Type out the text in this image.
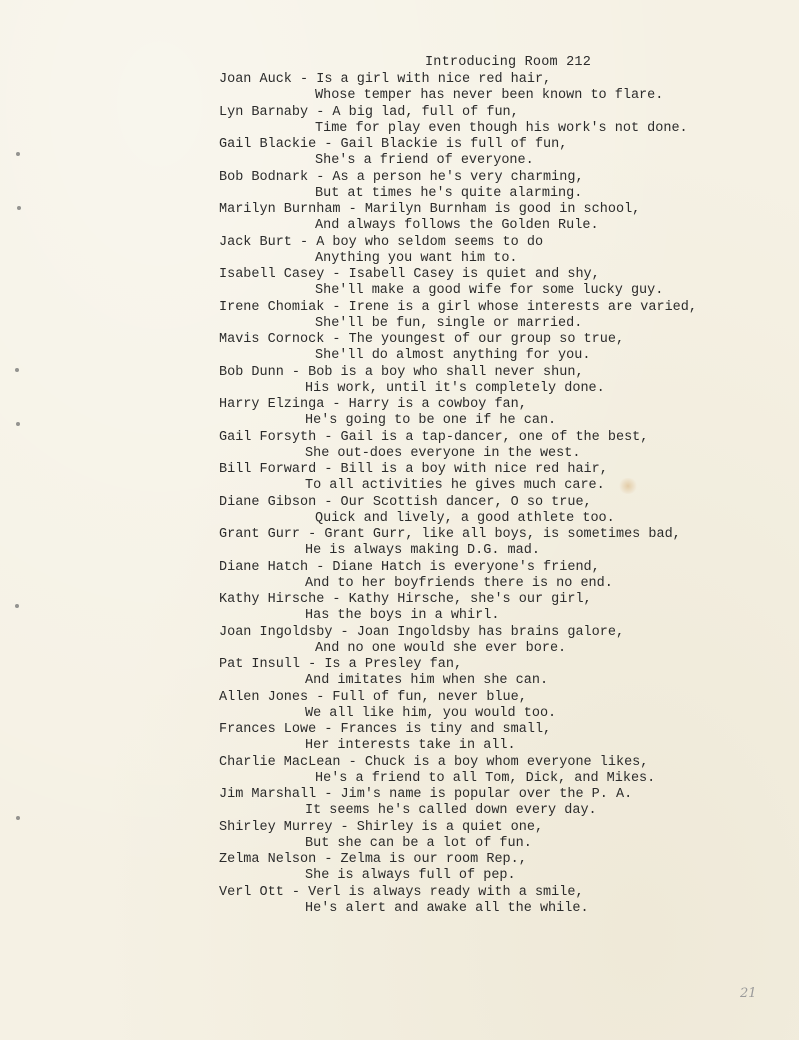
Introducing Room 212
Joan Auck - Is a girl with nice red hair,
Whose temper has never been known to flare.
Lyn Barnaby - A big lad, full of fun,
Time for play even though his work's not done.
Gail Blackie - Gail Blackie is full of fun,
She's a friend of everyone.
Bob Bodnark - As a person he's very charming,
But at times he's quite alarming.
Marilyn Burnham - Marilyn Burnham is good in school,
And always follows the Golden Rule.
Jack Burt - A boy who seldom seems to do
Anything you want him to.
Isabell Casey - Isabell Casey is quiet and shy,
She'll make a good wife for some lucky guy.
Irene Chomiak - Irene is a girl whose interests are varied,
She'll be fun, single or married.
Mavis Cornock - The youngest of our group so true,
She'll do almost anything for you.
Bob Dunn - Bob is a boy who shall never shun,
His work, until it's completely done.
Harry Elzinga - Harry is a cowboy fan,
He's going to be one if he can.
Gail Forsyth - Gail is a tap-dancer, one of the best,
She out-does everyone in the west.
Bill Forward - Bill is a boy with nice red hair,
To all activities he gives much care.
Diane Gibson - Our Scottish dancer, O so true,
Quick and lively, a good athlete too.
Grant Gurr - Grant Gurr, like all boys, is sometimes bad,
He is always making D.G. mad.
Diane Hatch - Diane Hatch is everyone's friend,
And to her boyfriends there is no end.
Kathy Hirsche - Kathy Hirsche, she's our girl,
Has the boys in a whirl.
Joan Ingoldsby - Joan Ingoldsby has brains galore,
And no one would she ever bore.
Pat Insull - Is a Presley fan,
And imitates him when she can.
Allen Jones - Full of fun, never blue,
We all like him, you would too.
Frances Lowe - Frances is tiny and small,
Her interests take in all.
Charlie MacLean - Chuck is a boy whom everyone likes,
He's a friend to all Tom, Dick, and Mikes.
Jim Marshall - Jim's name is popular over the P. A.
It seems he's called down every day.
Shirley Murrey - Shirley is a quiet one,
But she can be a lot of fun.
Zelma Nelson - Zelma is our room Rep.,
She is always full of pep.
Verl Ott - Verl is always ready with a smile,
He's alert and awake all the while.
21
